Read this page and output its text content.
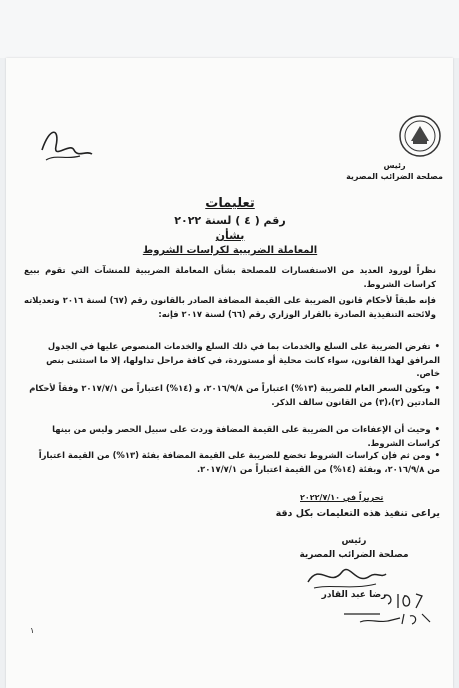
رئيس
مصلحة الضرائب المصرية
تعليمات
رقم ( ٤ ) لسنة ٢٠٢٢
بشأن
المعاملة الضريبية لكراسات الشروط
نظراً لورود العديد من الاستفسارات للمصلحة بشأن المعاملة الضريبية للمنشآت التي تقوم ببيع كراسات الشروط.
فإنه طبقاً لأحكام قانون الضريبة على القيمة المضافة الصادر بالقانون رقم (٦٧) لسنة ٢٠١٦ وتعديلاته ولائحته التنفيذية الصادرة بالقرار الوزاري رقم (٦٦) لسنة ٢٠١٧ فإنه:
• تفرض الضريبة على السلع والخدمات بما في ذلك السلع والخدمات المنصوص عليها في الجدول المرافق لهذا القانون، سواء كانت محلية أو مستوردة، في كافة مراحل تداولها، إلا ما استثنى بنص خاص.
• ويكون السعر العام للضريبة (١٣%) اعتباراً من ٢٠١٦/٩/٨، و (١٤%) اعتباراً من ٢٠١٧/٧/١ وفقاً لأحكام المادتين (٢)،(٣) من القانون سالف الذكر.
• وحيث أن الإعفاءات من الضريبة على القيمة المضافة وردت على سبيل الحصر وليس من بينها كراسات الشروط.
• ومن ثم فإن كراسات الشروط تخضع للضريبة على القيمة المضافة بفئة (١٣%) من القيمة اعتباراً من ٢٠١٦/٩/٨، وبفئة (١٤%) من القيمة اعتباراً من ٢٠١٧/٧/١.
تحريراً في ٢٠٢٢/٧/١٠
يراعى تنفيذ هذه التعليمات بكل دقة
رئيس
مصلحة الضرائب المصرية
رضا عبد القادر
١
